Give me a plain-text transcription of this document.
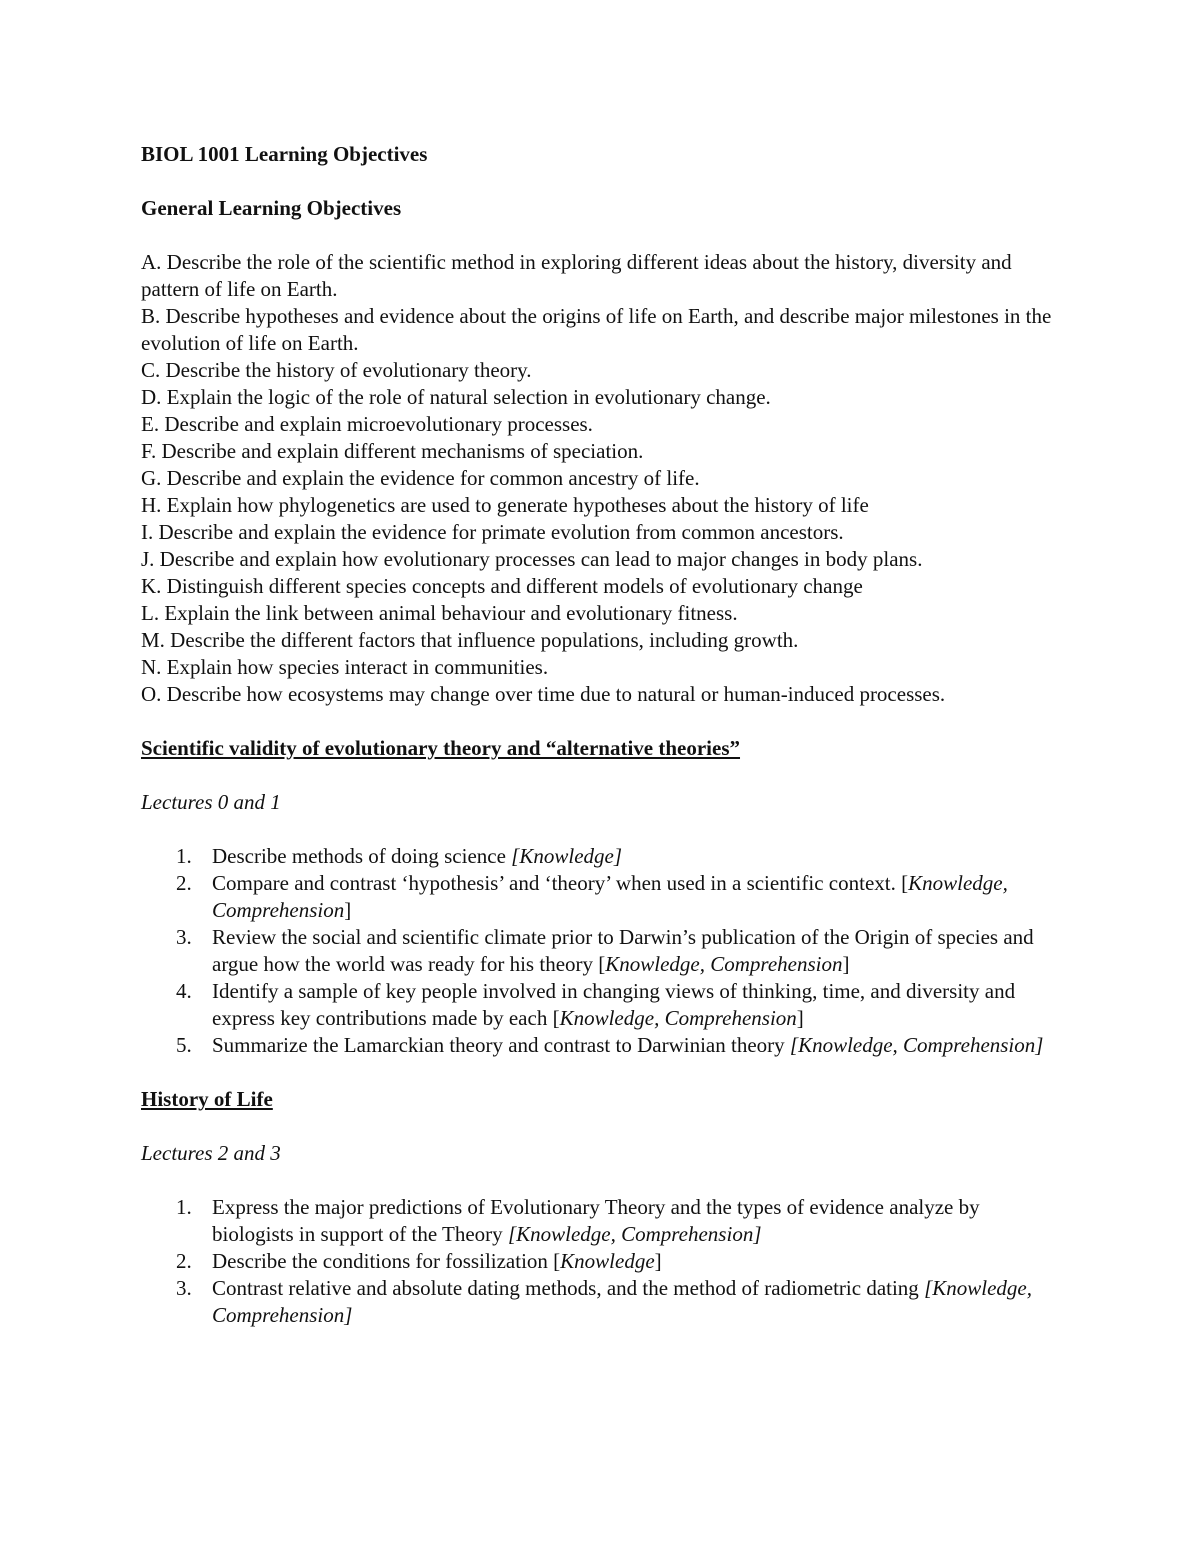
BIOL 1001 Learning Objectives

General Learning Objectives

A. Describe the role of the scientific method in exploring different ideas about the history, diversity and pattern of life on Earth.
B. Describe hypotheses and evidence about the origins of life on Earth, and describe major milestones in the evolution of life on Earth.
C. Describe the history of evolutionary theory.
D. Explain the logic of the role of natural selection in evolutionary change.
E. Describe and explain microevolutionary processes.
F. Describe and explain different mechanisms of speciation.
G. Describe and explain the evidence for common ancestry of life.
H. Explain how phylogenetics are used to generate hypotheses about the history of life
I. Describe and explain the evidence for primate evolution from common ancestors.
J. Describe and explain how evolutionary processes can lead to major changes in body plans.
K. Distinguish different species concepts and different models of evolutionary change
L. Explain the link between animal behaviour and evolutionary fitness.
M. Describe the different factors that influence populations, including growth.
N. Explain how species interact in communities.
O. Describe how ecosystems may change over time due to natural or human-induced processes.

Scientific validity of evolutionary theory and “alternative theories”

Lectures 0 and 1

1. Describe methods of doing science [Knowledge]
2. Compare and contrast ‘hypothesis’ and ‘theory’ when used in a scientific context. [Knowledge, Comprehension]
3. Review the social and scientific climate prior to Darwin’s publication of the Origin of species and argue how the world was ready for his theory [Knowledge, Comprehension]
4. Identify a sample of key people involved in changing views of thinking, time, and diversity and express key contributions made by each [Knowledge, Comprehension]
5. Summarize the Lamarckian theory and contrast to Darwinian theory [Knowledge, Comprehension]

History of Life

Lectures 2 and 3

1. Express the major predictions of Evolutionary Theory and the types of evidence analyze by biologists in support of the Theory [Knowledge, Comprehension]
2. Describe the conditions for fossilization [Knowledge]
3. Contrast relative and absolute dating methods, and the method of radiometric dating [Knowledge, Comprehension]
